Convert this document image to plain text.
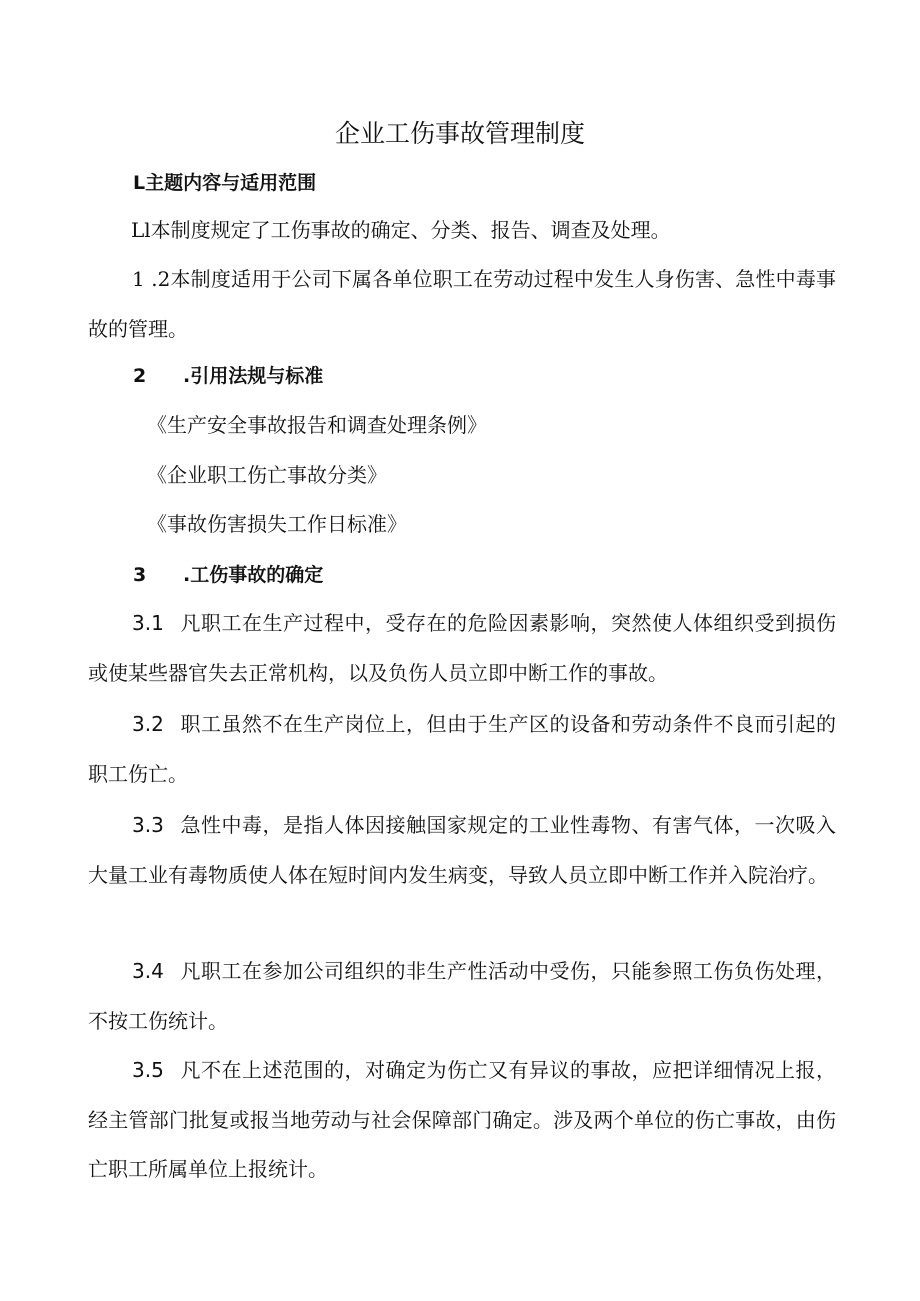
企业工伤事故管理制度
L主题内容与适用范围
Ll本制度规定了工伤事故的确定、分类、报告、调查及处理。
1 .2本制度适用于公司下属各单位职工在劳动过程中发生人身伤害、急性中毒事故的管理。
2 .引用法规与标准
《生产安全事故报告和调查处理条例》
《企业职工伤亡事故分类》
《事故伤害损失工作日标准》
3 .工伤事故的确定
3.1 凡职工在生产过程中，受存在的危险因素影响，突然使人体组织受到损伤或使某些器官失去正常机构，以及负伤人员立即中断工作的事故。
3.2 职工虽然不在生产岗位上，但由于生产区的设备和劳动条件不良而引起的职工伤亡。
3.3 急性中毒，是指人体因接触国家规定的工业性毒物、有害气体，一次吸入大量工业有毒物质使人体在短时间内发生病变，导致人员立即中断工作并入院治疗。
3.4 凡职工在参加公司组织的非生产性活动中受伤，只能参照工伤负伤处理，不按工伤统计。
3.5 凡不在上述范围的，对确定为伤亡又有异议的事故，应把详细情况上报，经主管部门批复或报当地劳动与社会保障部门确定。涉及两个单位的伤亡事故，由伤亡职工所属单位上报统计。
